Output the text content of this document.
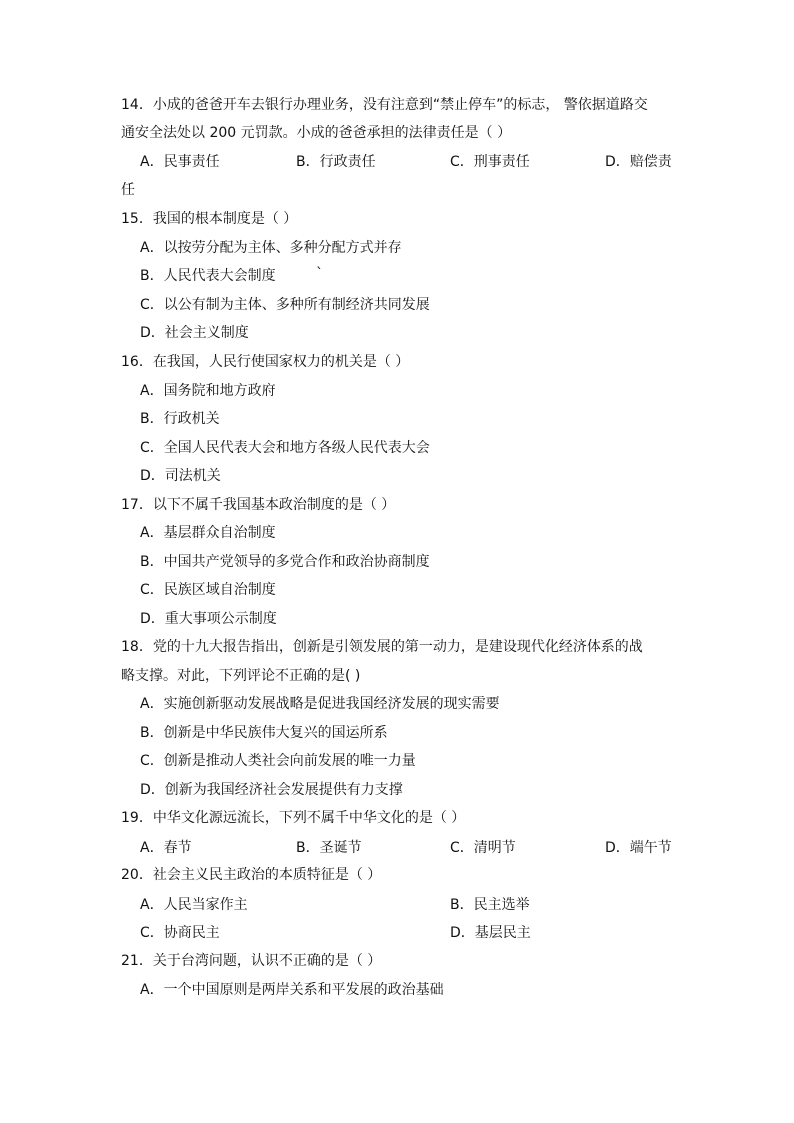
14．小成的爸爸开车去银行办理业务，没有注意到“禁止停车”的标志， 警依据道路交
通安全法处以 200 元罚款。小成的爸爸承担的法律责任是（ ）
A．民事责任	B．行政责任	C．刑事责任	D．赔偿责
任
15．我国的根本制度是（ ）
A．以按劳分配为主体、多种分配方式并存
B．人民代表大会制度	`
C．以公有制为主体、多种所有制经济共同发展
D．社会主义制度
16．在我国，人民行使国家权力的机关是（ ）
A．国务院和地方政府
B．行政机关
C．全国人民代表大会和地方各级人民代表大会
D．司法机关
17．以下不属千我国基本政治制度的是（ ）
A．基层群众自治制度
B．中国共产党领导的多党合作和政治协商制度
C．民族区域自治制度
D．重大事项公示制度
18．党的十九大报告指出，创新是引领发展的第一动力，是建设现代化经济体系的战
略支撑。对此，下列评论不正确的是( )
A．实施创新驱动发展战略是促进我国经济发展的现实需要
B．创新是中华民族伟大复兴的国运所系
C．创新是推动人类社会向前发展的唯一力量
D．创新为我国经济社会发展提供有力支撑
19．中华文化源远流长，下列不属千中华文化的是（ ）
A．春节	B．圣诞节	C．清明节	D．端午节
20．社会主义民主政治的本质特征是（ ）
A．人民当家作主	B．民主选举
C．协商民主	D．基层民主
21．关于台湾问题，认识不正确的是（ ）
A．一个中国原则是两岸关系和平发展的政治基础
